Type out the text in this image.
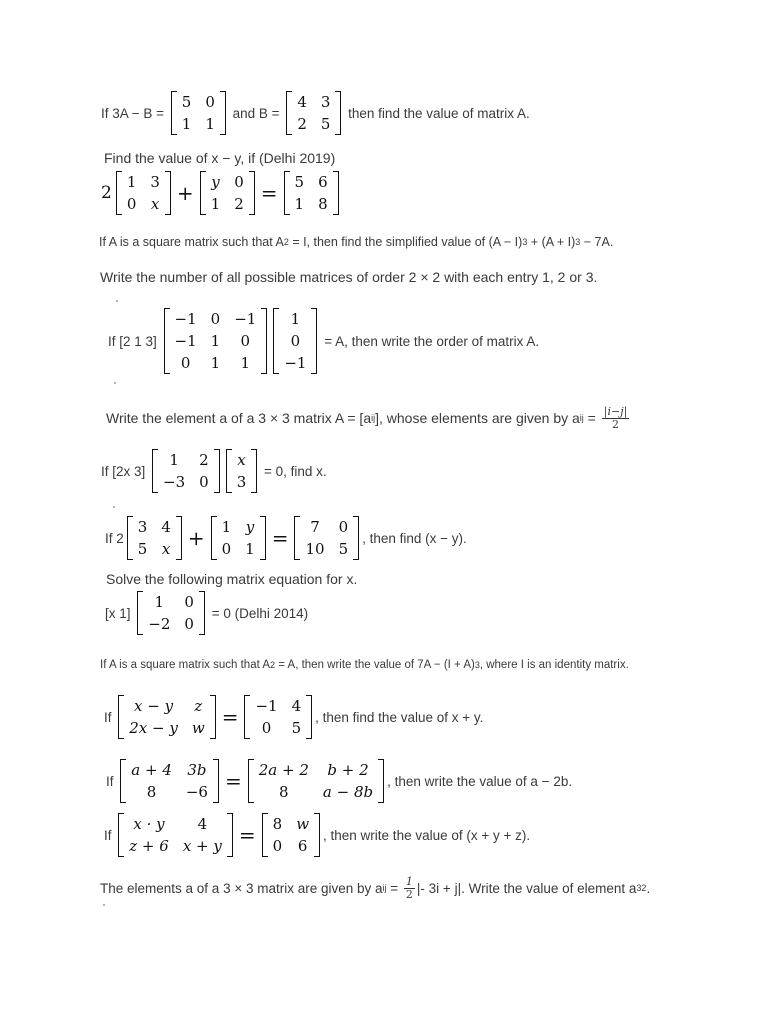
If 3A − B =
5 0
1 1
and B =
4 3
2 5
then find the value of matrix A.
Find the value of x − y, if (Delhi 2019)
2
1 3
0 x + y 0
1 2 = 5 6
1 8
If A is a square matrix such that A 2 = I, then find the simplified value of (A − I) 3 + (A + I) 3 − 7A.
Write the number of all possible matrices of order 2 × 2 with each entry 1, 2 or 3.
If [2 1 3]
−1 0 −1
−1 1 0
0 1 1
1
0
−1
= A, then write the order of matrix A.
Write the element a of a 3 × 3 matrix A = [a ij ], whose elements are given by a ij = $\frac{|i-j|}{2}$
If [2x 3]
1 2
−3 0
x
3
= 0, find x.
If 2
3 4
5 x + 1 y
0 1 = 7 0
10 5
, then find (x − y).
Solve the following matrix equation for x.
[x 1]
1 0
−2 0
= 0 (Delhi 2014)
If A is a square matrix such that A 2 = A, then write the value of 7A − (I + A) 3 , where I is an identity matrix.
If
x − y z
2x − y w = −1 4
0 5
, then find the value of x + y.
If
a + 4 3b
8 −6 = 2a + 2 b + 2
8 a − 8b
, then write the value of a − 2b.
If
x · y 4
z + 6 x + y = 8 w
0 6
, then write the value of (x + y + z).
The elements a of a 3 × 3 matrix are given by a ij = $\frac{1}{2}$ |- 3i + j|. Write the value of element a 32 .
